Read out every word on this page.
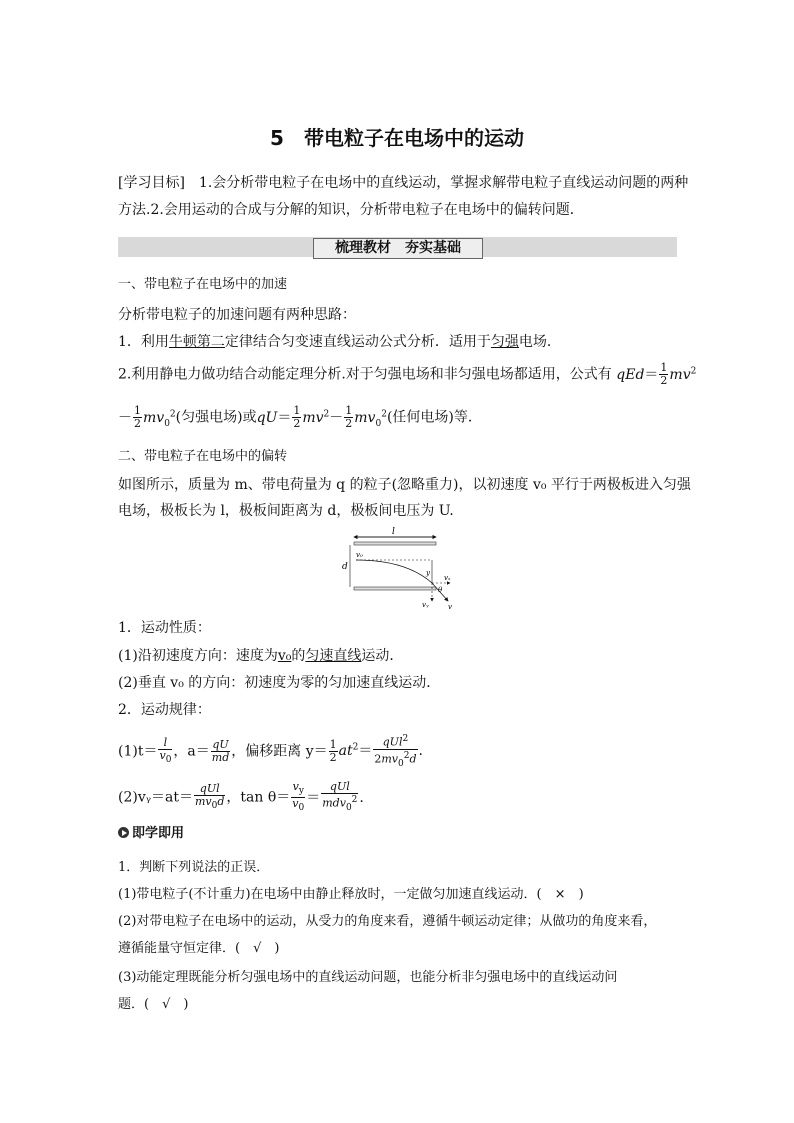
5　带电粒子在电场中的运动
[学习目标]　1.会分析带电粒子在电场中的直线运动，掌握求解带电粒子直线运动问题的两种
方法.2.会用运动的合成与分解的知识，分析带电粒子在电场中的偏转问题．
梳理教材　夯实基础
一、带电粒子在电场中的加速
分析带电粒子的加速问题有两种思路：
1．利用牛顿第二定律结合匀变速直线运动公式分析．适用于匀强电场．
2.利用静电力做功结合动能定理分析.对于匀强电场和非匀强电场都适用，公式有 $qEd= \frac{1}{2} mv^2$
－ $\frac{1}{2} mv_0^2$(匀强电场)或$qU= \frac{1}{2} mv^2- \frac{1}{2} mv_0^2$(任何电场)等．
二、带电粒子在电场中的偏转
如图所示，质量为 m、带电荷量为 q 的粒子(忽略重力)，以初速度 v₀ 平行于两极板进入匀强
电场，极板长为 l，极板间距离为 d，极板间电压为 U.
l
d
v₀
y
vₓ
vᵧ	v
θ
1．运动性质：
(1)沿初速度方向：速度为v₀的匀速直线运动．
(2)垂直 v₀ 的方向：初速度为零的匀加速直线运动．
2．运动规律：
$(1)t= \frac{l}{v_0}$ ，$a= \frac{qU}{md}$ ，偏移距离 $y= \frac{1}{2} at^2= \frac{qUl^2}{2mv_0^2d}$ .
(2)vᵧ＝at＝ $\frac{\text{qUl}}{mv_0d}$ ，$\tan \theta= \frac{v_y}{v_0} = \frac{\text{qUl}}{mdv_0^2}$ .
即学即用
1．判断下列说法的正误．
(1)带电粒子(不计重力)在电场中由静止释放时，一定做匀加速直线运动．(　 ×　 )
(2)对带电粒子在电场中的运动，从受力的角度来看，遵循牛顿运动定律；从做功的角度来看，
遵循能量守恒定律．(　 √　 )
(3)动能定理既能分析匀强电场中的直线运动问题，也能分析非匀强电场中的直线运动问
题．(　 √　 )
